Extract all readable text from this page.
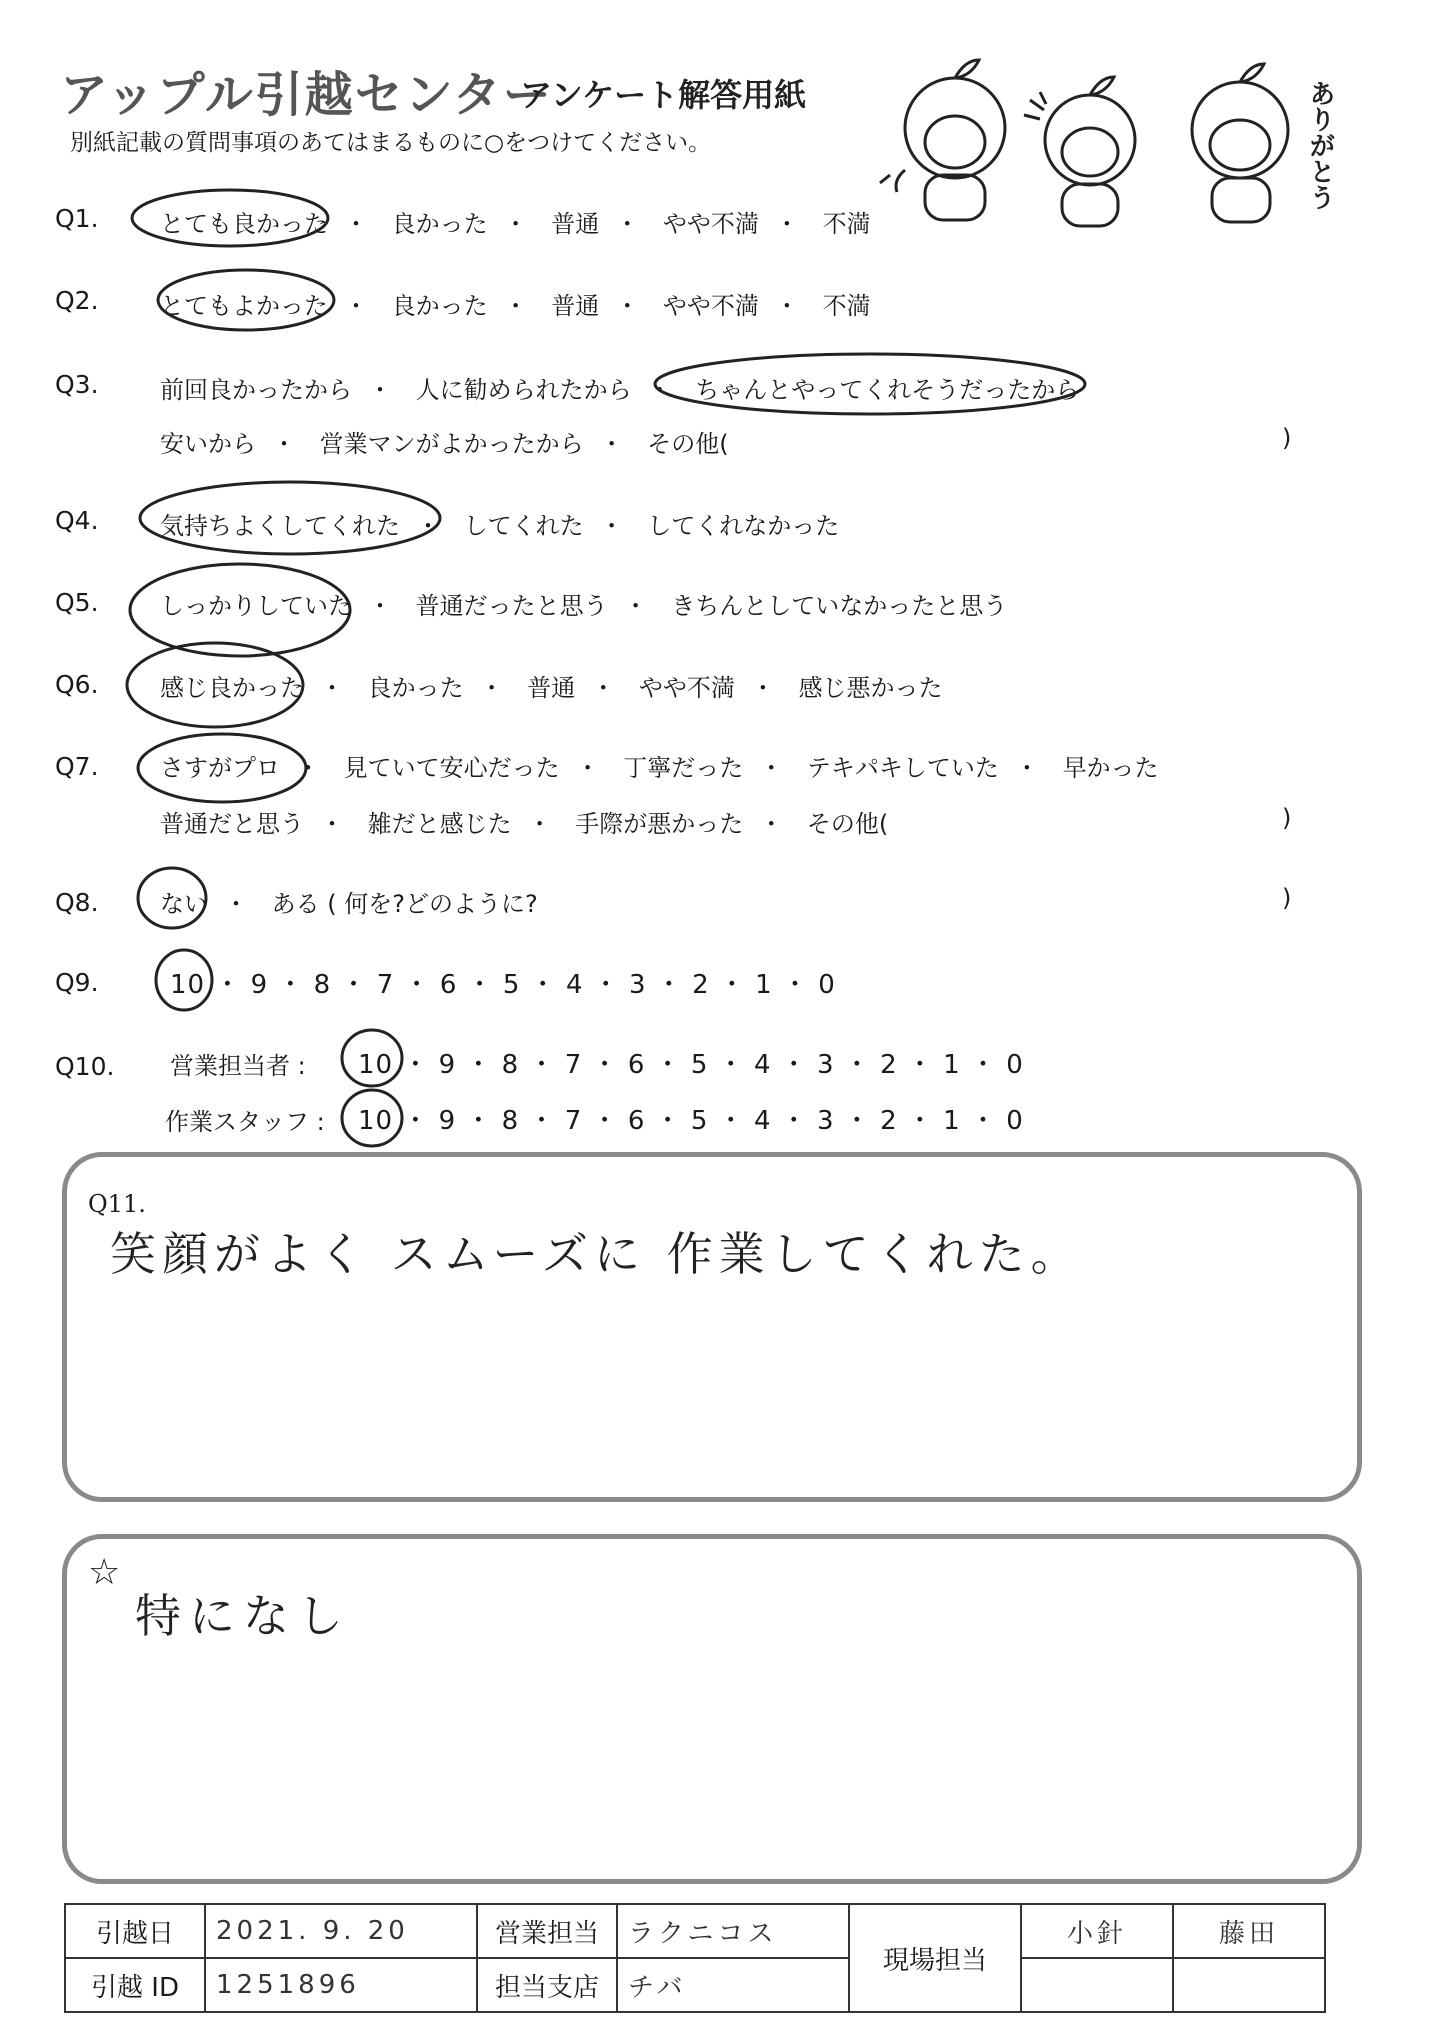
アップル引越センター
アンケート解答用紙
別紙記載の質問事項のあてはまるものに○をつけてください。	ありがとう
Q1.	とても良かった ・ 良かった ・ 普通 ・ やや不満 ・ 不満
Q2.	とてもよかった ・ 良かった ・ 普通 ・ やや不満 ・ 不満
Q3.	前回良かったから ・ 人に勧められたから ・ ちゃんとやってくれそうだったから
安いから ・ 営業マンがよかったから ・ その他(	)
Q4.	気持ちよくしてくれた ・ してくれた ・ してくれなかった
Q5.	しっかりしていた ・ 普通だったと思う ・ きちんとしていなかったと思う
Q6.	感じ良かった ・ 良かった ・ 普通 ・ やや不満 ・ 感じ悪かった
Q7.	さすがプロ ・ 見ていて安心だった ・ 丁寧だった ・ テキパキしていた ・ 早かった
普通だと思う ・ 雑だと感じた ・ 手際が悪かった ・ その他(	)
Q8.	ない ・ ある ( 何を?どのように?	)
Q9.	10 ・ 9 ・ 8 ・ 7 ・ 6 ・ 5 ・ 4 ・ 3 ・ 2 ・ 1 ・ 0
Q10. 営業担当者 : 10 ・ 9 ・ 8 ・ 7 ・ 6 ・ 5 ・ 4 ・ 3 ・ 2 ・ 1 ・ 0
作業スタッフ : 10 ・ 9 ・ 8 ・ 7 ・ 6 ・ 5 ・ 4 ・ 3 ・ 2 ・ 1 ・ 0
Q11.
笑顔がよく スムーズに 作業してくれた。
☆
特になし
引越日	2021. 9. 20	営業担当	ラクニコス	現場担当	小針	藤田
引越 ID	1251896	担当支店	チバ			
